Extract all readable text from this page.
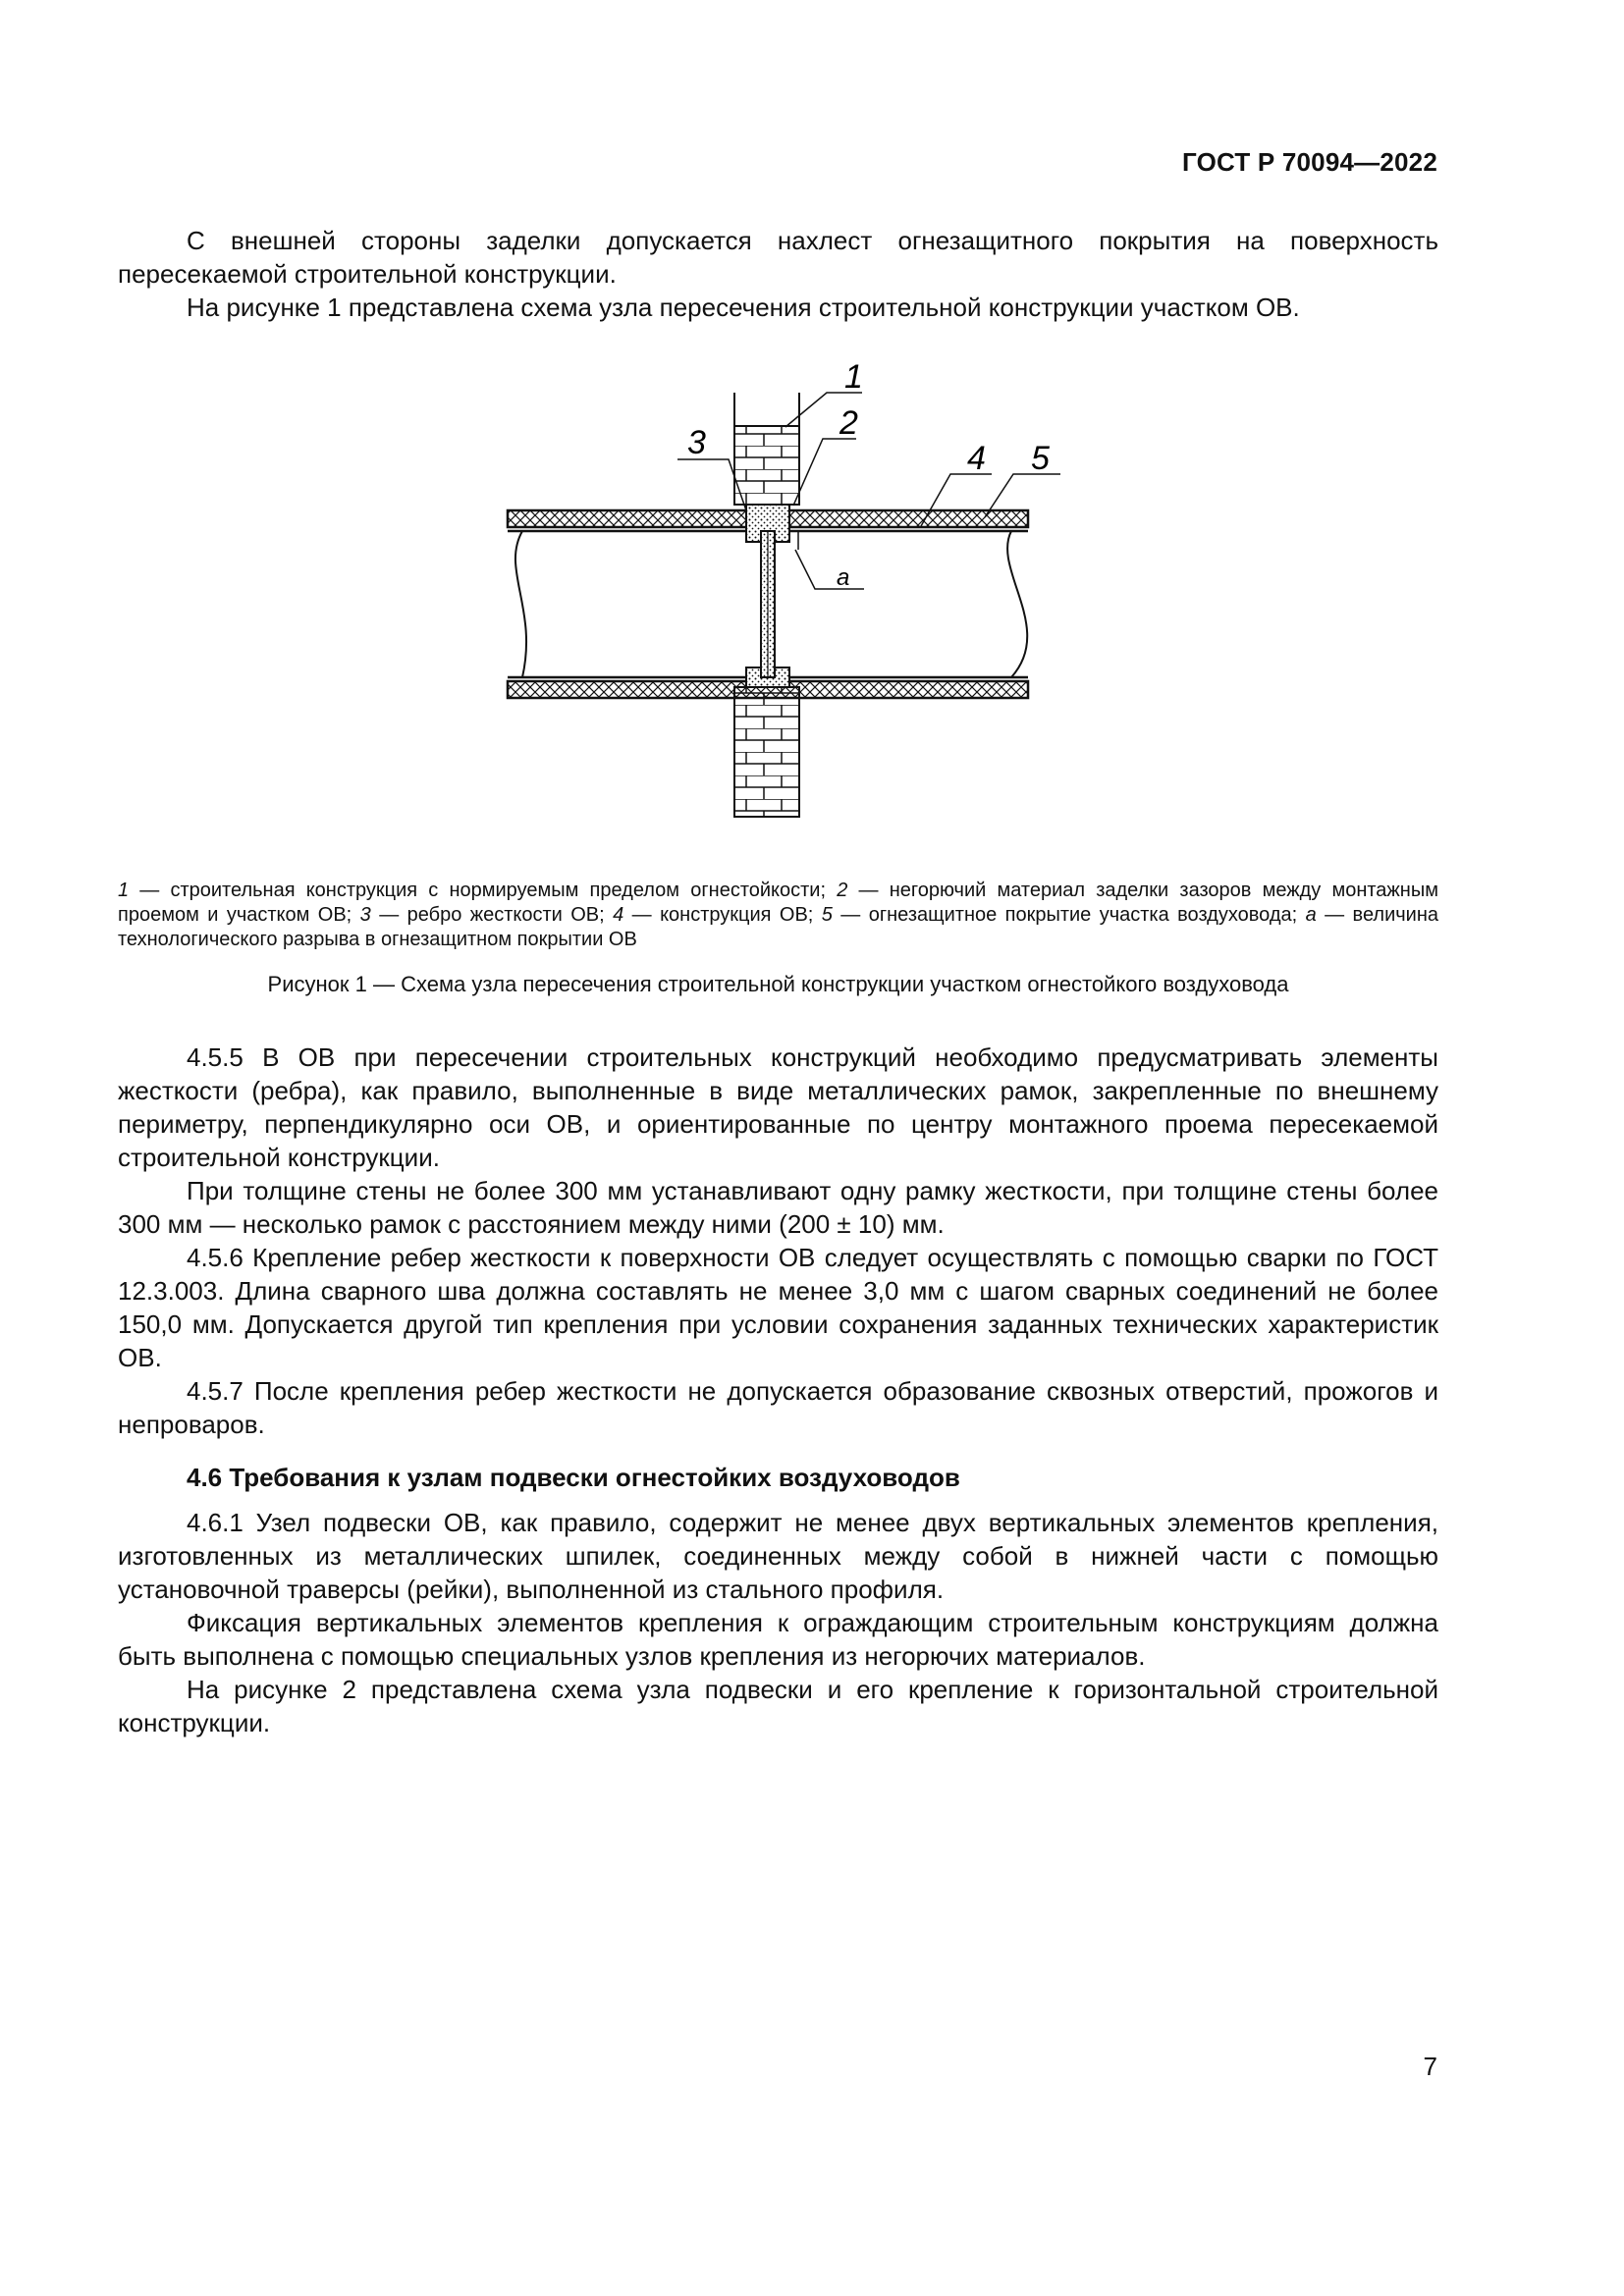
ГОСТ Р 70094—2022

С внешней стороны заделки допускается нахлест огнезащитного покрытия на поверхность пересекаемой строительной конструкции.

На рисунке 1 представлена схема узла пересечения строительной конструкции участком ОВ.

1
2
3	4 5
а
1 — строительная конструкция с нормируемым пределом огнестойкости; 2 — негорючий материал заделки зазоров между монтажным проемом и участком ОВ; 3 — ребро жесткости ОВ; 4 — конструкция ОВ; 5 — огнезащитное покрытие участка воздуховода; а — величина технологического разрыва в огнезащитном покрытии ОВ
Рисунок 1 — Схема узла пересечения строительной конструкции участком огнестойкого воздуховода

4.5.5 В ОВ при пересечении строительных конструкций необходимо предусматривать элементы жесткости (ребра), как правило, выполненные в виде металлических рамок, закрепленные по внешнему периметру, перпендикулярно оси ОВ, и ориентированные по центру монтажного проема пересекаемой строительной конструкции.

При толщине стены не более 300 мм устанавливают одну рамку жесткости, при толщине стены более 300 мм — несколько рамок с расстоянием между ними (200 ± 10) мм.

4.5.6 Крепление ребер жесткости к поверхности ОВ следует осуществлять с помощью сварки по ГОСТ 12.3.003. Длина сварного шва должна составлять не менее 3,0 мм с шагом сварных соединений не более 150,0 мм. Допускается другой тип крепления при условии сохранения заданных технических характеристик ОВ.

4.5.7 После крепления ребер жесткости не допускается образование сквозных отверстий, прожогов и непроваров.

4.6 Требования к узлам подвески огнестойких воздуховодов

4.6.1 Узел подвески ОВ, как правило, содержит не менее двух вертикальных элементов крепления, изготовленных из металлических шпилек, соединенных между собой в нижней части с помощью установочной траверсы (рейки), выполненной из стального профиля.

Фиксация вертикальных элементов крепления к ограждающим строительным конструкциям должна быть выполнена с помощью специальных узлов крепления из негорючих материалов.

На рисунке 2 представлена схема узла подвески и его крепление к горизонтальной строительной конструкции.

7
